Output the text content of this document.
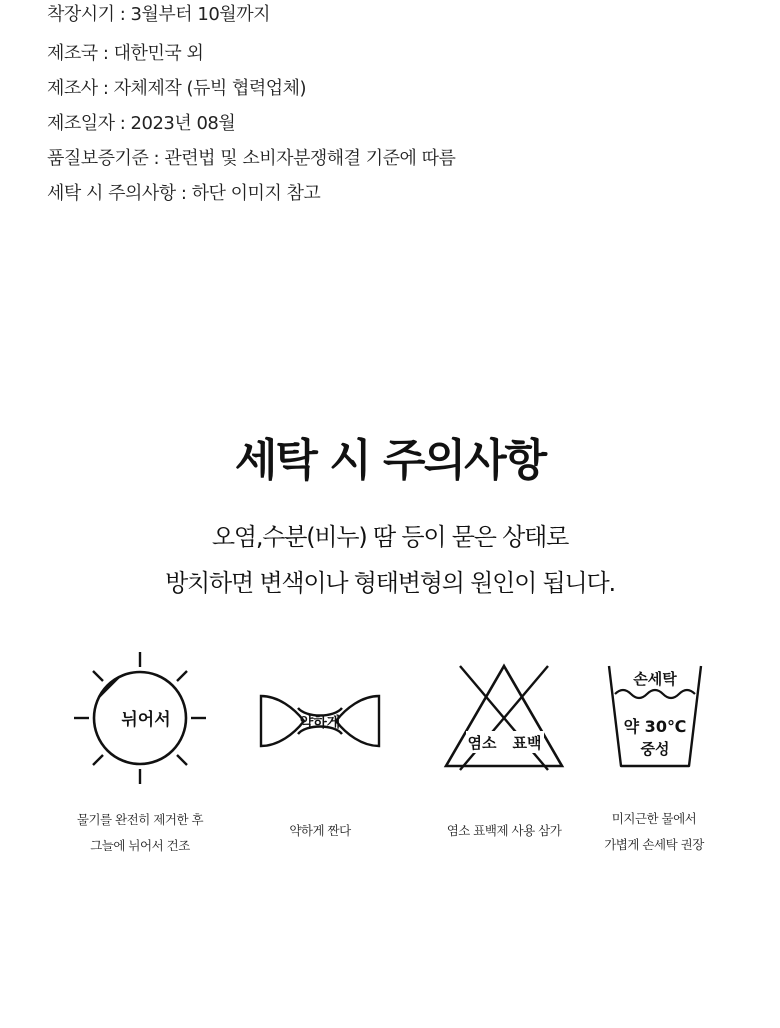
착장시기 : 3월부터 10월까지
제조국 : 대한민국 외
제조사 : 자체제작 (듀빅 협력업체)
제조일자 : 2023년 08월
품질보증기준 : 관련법 및 소비자분쟁해결 기준에 따름
세탁 시 주의사항 : 하단 이미지 참고
세탁 시 주의사항
오염,수분(비누) 땀 등이 묻은 상태로
방치하면 변색이나 형태변형의 원인이 됩니다.
뉘어서	약하게
염소 표백
손세탁
약 30℃
중성
물기를 완전히 제거한 후
그늘에 뉘어서 건조
약하게 짠다	염소 표백제 사용 삼가
미지근한 물에서
가볍게 손세탁 권장
